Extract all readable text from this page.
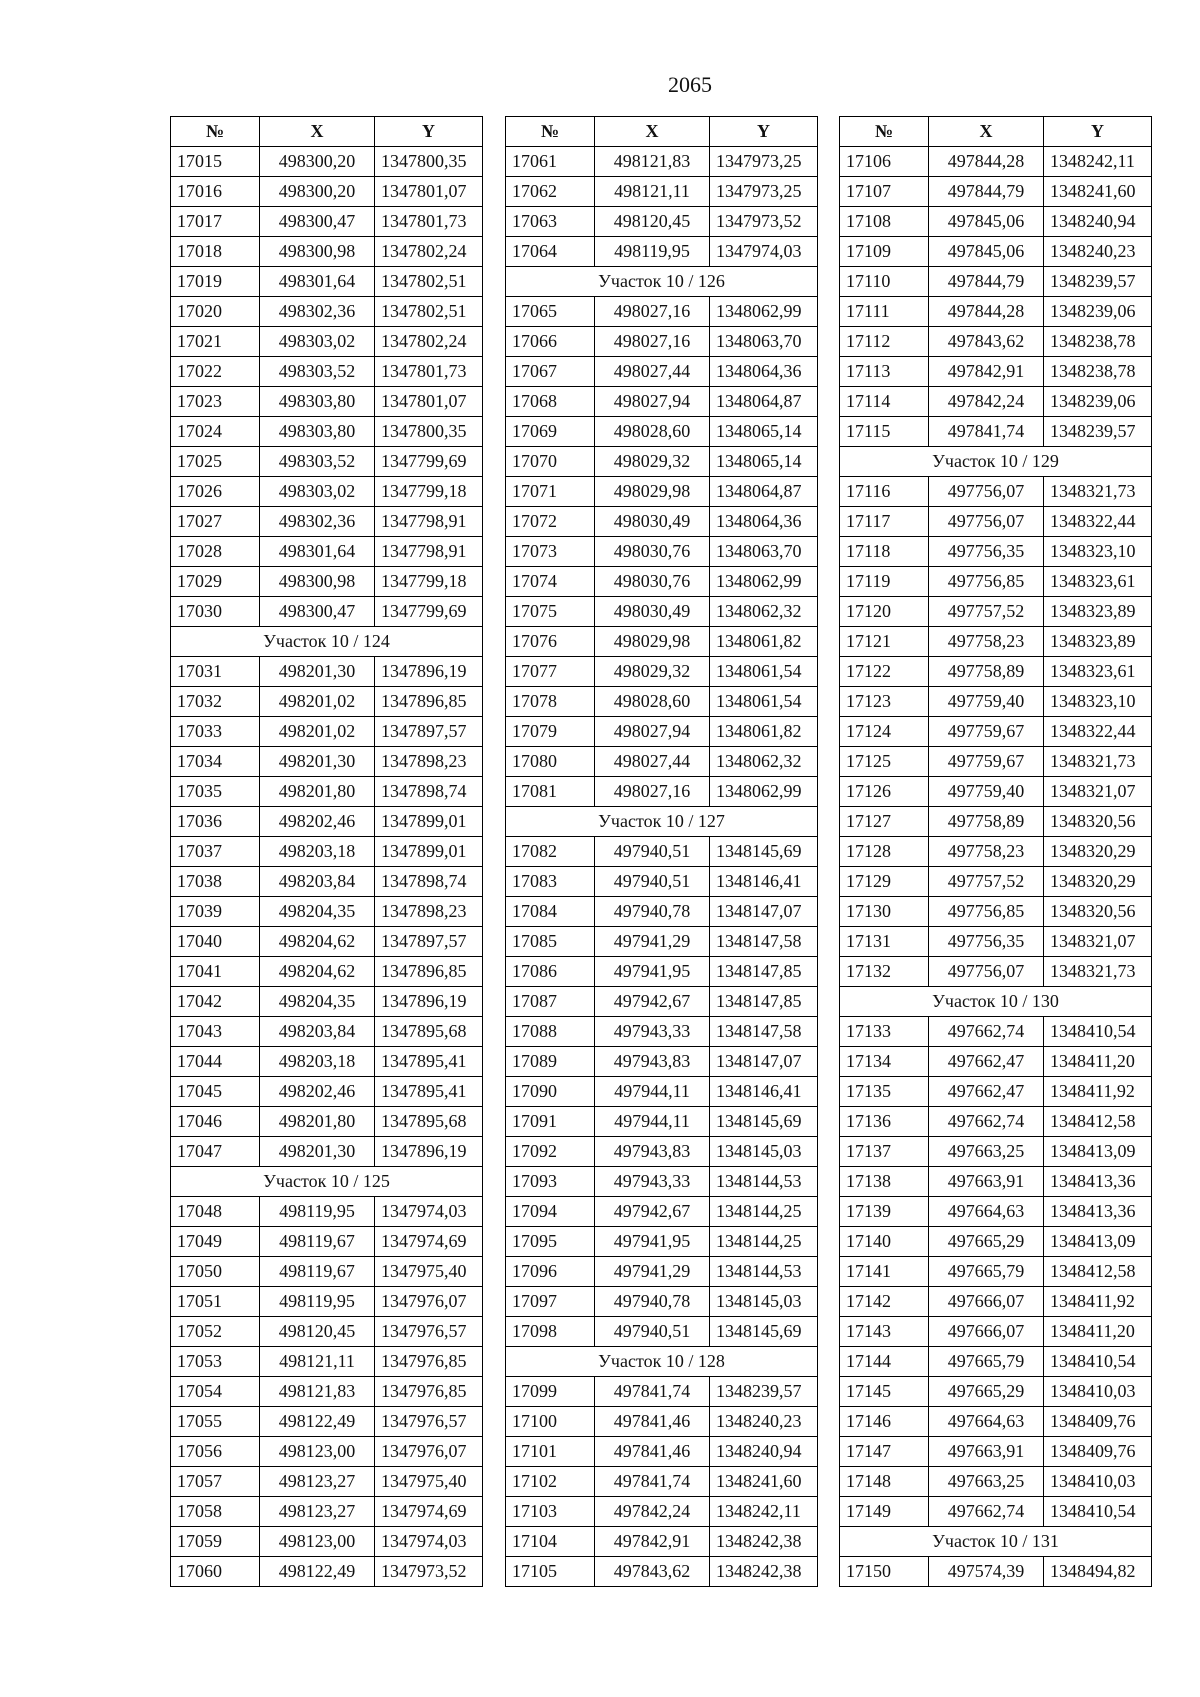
2065
№	X	Y
17015	498300,20	1347800,35
17016	498300,20	1347801,07
17017	498300,47	1347801,73
17018	498300,98	1347802,24
17019	498301,64	1347802,51
17020	498302,36	1347802,51
17021	498303,02	1347802,24
17022	498303,52	1347801,73
17023	498303,80	1347801,07
17024	498303,80	1347800,35
17025	498303,52	1347799,69
17026	498303,02	1347799,18
17027	498302,36	1347798,91
17028	498301,64	1347798,91
17029	498300,98	1347799,18
17030	498300,47	1347799,69
Участок 10 / 124		
17031	498201,30	1347896,19
17032	498201,02	1347896,85
17033	498201,02	1347897,57
17034	498201,30	1347898,23
17035	498201,80	1347898,74
17036	498202,46	1347899,01
17037	498203,18	1347899,01
17038	498203,84	1347898,74
17039	498204,35	1347898,23
17040	498204,62	1347897,57
17041	498204,62	1347896,85
17042	498204,35	1347896,19
17043	498203,84	1347895,68
17044	498203,18	1347895,41
17045	498202,46	1347895,41
17046	498201,80	1347895,68
17047	498201,30	1347896,19
Участок 10 / 125		
17048	498119,95	1347974,03
17049	498119,67	1347974,69
17050	498119,67	1347975,40
17051	498119,95	1347976,07
17052	498120,45	1347976,57
17053	498121,11	1347976,85
17054	498121,83	1347976,85
17055	498122,49	1347976,57
17056	498123,00	1347976,07
17057	498123,27	1347975,40
17058	498123,27	1347974,69
17059	498123,00	1347974,03
17060	498122,49	1347973,52
№	X	Y
17061	498121,83	1347973,25
17062	498121,11	1347973,25
17063	498120,45	1347973,52
17064	498119,95	1347974,03
Участок 10 / 126		
17065	498027,16	1348062,99
17066	498027,16	1348063,70
17067	498027,44	1348064,36
17068	498027,94	1348064,87
17069	498028,60	1348065,14
17070	498029,32	1348065,14
17071	498029,98	1348064,87
17072	498030,49	1348064,36
17073	498030,76	1348063,70
17074	498030,76	1348062,99
17075	498030,49	1348062,32
17076	498029,98	1348061,82
17077	498029,32	1348061,54
17078	498028,60	1348061,54
17079	498027,94	1348061,82
17080	498027,44	1348062,32
17081	498027,16	1348062,99
Участок 10 / 127		
17082	497940,51	1348145,69
17083	497940,51	1348146,41
17084	497940,78	1348147,07
17085	497941,29	1348147,58
17086	497941,95	1348147,85
17087	497942,67	1348147,85
17088	497943,33	1348147,58
17089	497943,83	1348147,07
17090	497944,11	1348146,41
17091	497944,11	1348145,69
17092	497943,83	1348145,03
17093	497943,33	1348144,53
17094	497942,67	1348144,25
17095	497941,95	1348144,25
17096	497941,29	1348144,53
17097	497940,78	1348145,03
17098	497940,51	1348145,69
Участок 10 / 128		
17099	497841,74	1348239,57
17100	497841,46	1348240,23
17101	497841,46	1348240,94
17102	497841,74	1348241,60
17103	497842,24	1348242,11
17104	497842,91	1348242,38
17105	497843,62	1348242,38
№	X	Y
17106	497844,28	1348242,11
17107	497844,79	1348241,60
17108	497845,06	1348240,94
17109	497845,06	1348240,23
17110	497844,79	1348239,57
17111	497844,28	1348239,06
17112	497843,62	1348238,78
17113	497842,91	1348238,78
17114	497842,24	1348239,06
17115	497841,74	1348239,57
Участок 10 / 129		
17116	497756,07	1348321,73
17117	497756,07	1348322,44
17118	497756,35	1348323,10
17119	497756,85	1348323,61
17120	497757,52	1348323,89
17121	497758,23	1348323,89
17122	497758,89	1348323,61
17123	497759,40	1348323,10
17124	497759,67	1348322,44
17125	497759,67	1348321,73
17126	497759,40	1348321,07
17127	497758,89	1348320,56
17128	497758,23	1348320,29
17129	497757,52	1348320,29
17130	497756,85	1348320,56
17131	497756,35	1348321,07
17132	497756,07	1348321,73
Участок 10 / 130		
17133	497662,74	1348410,54
17134	497662,47	1348411,20
17135	497662,47	1348411,92
17136	497662,74	1348412,58
17137	497663,25	1348413,09
17138	497663,91	1348413,36
17139	497664,63	1348413,36
17140	497665,29	1348413,09
17141	497665,79	1348412,58
17142	497666,07	1348411,92
17143	497666,07	1348411,20
17144	497665,79	1348410,54
17145	497665,29	1348410,03
17146	497664,63	1348409,76
17147	497663,91	1348409,76
17148	497663,25	1348410,03
17149	497662,74	1348410,54
Участок 10 / 131		
17150	497574,39	1348494,82
